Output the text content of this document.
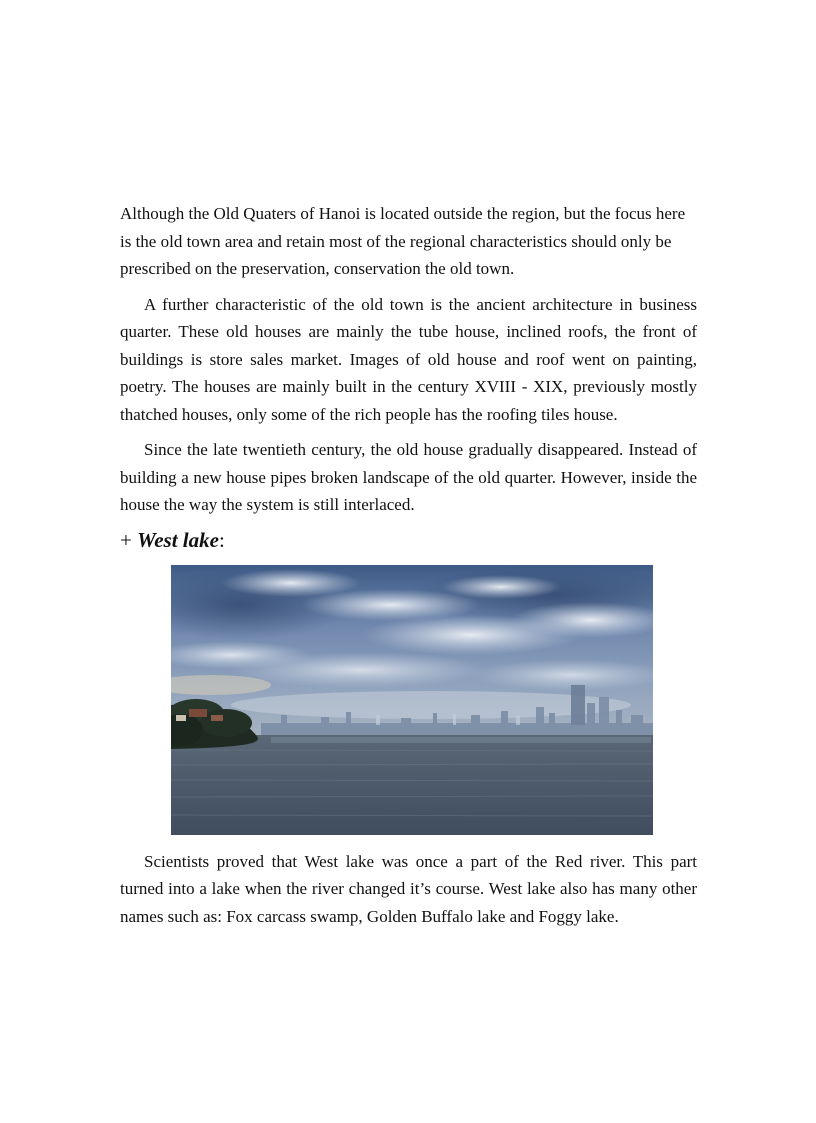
Although the Old Quaters of Hanoi is located outside the region, but the focus here is the old town area and retain most of the regional characteristics should only be prescribed on the preservation, conservation the old town.

A further characteristic of the old town is the ancient architecture in business quarter. These old houses are mainly the tube house, inclined roofs, the front of buildings is store sales market. Images of old house and roof went on painting, poetry. The houses are mainly built in the century XVIII - XIX, previously mostly thatched houses, only some of the rich people has the roofing tiles house.

Since the late twentieth century, the old house gradually disappeared. Instead of building a new house pipes broken landscape of the old quarter. However, inside the house the way the system is still interlaced.

+ West lake:

Scientists proved that West lake was once a part of the Red river. This part turned into a lake when the river changed it’s course. West lake also has many other names such as: Fox carcass swamp, Golden Buffalo lake and Foggy lake.
